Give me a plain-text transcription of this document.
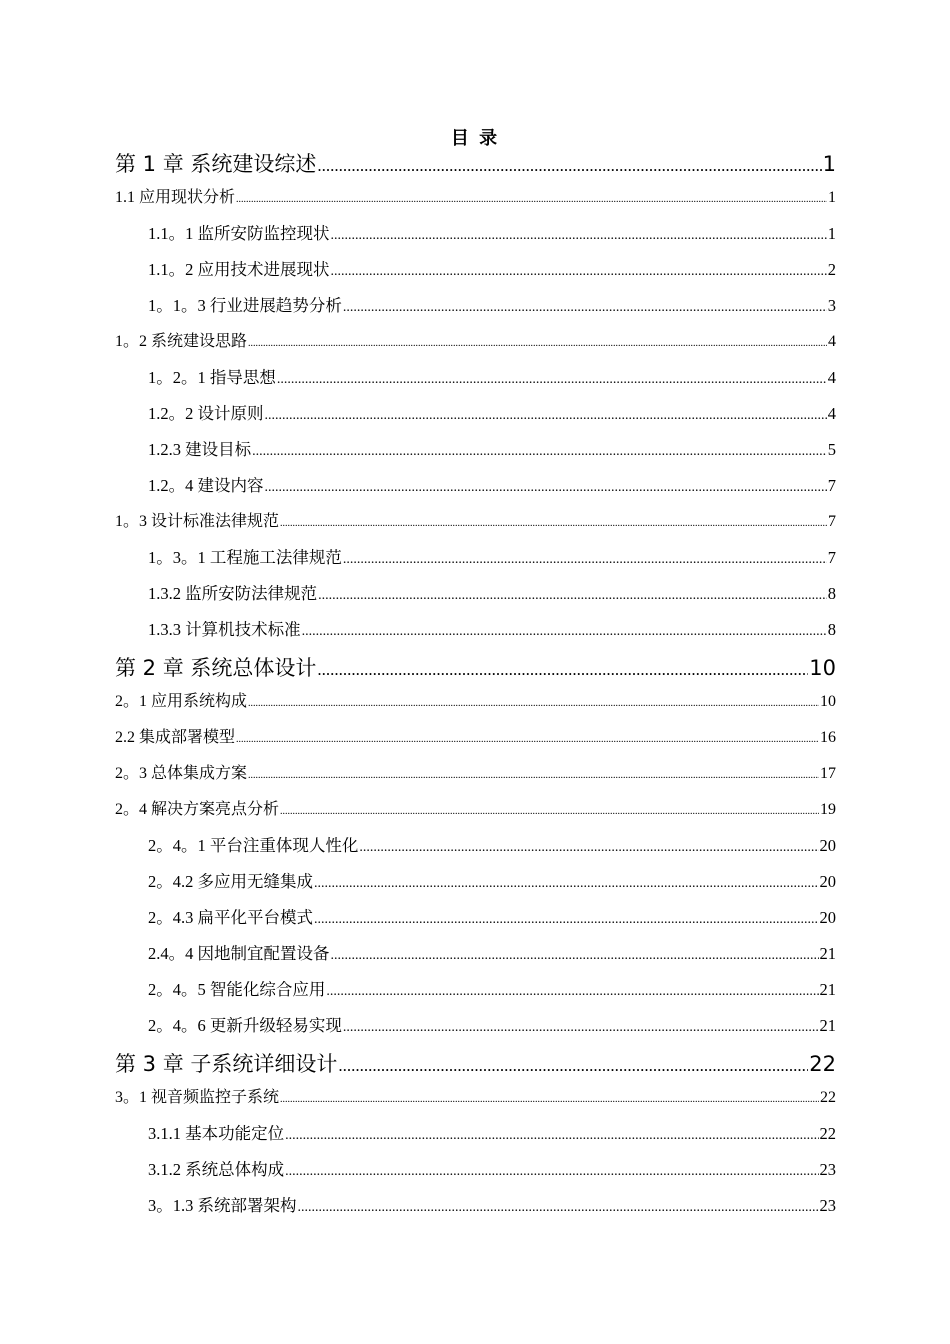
目 录
第 1 章 系统建设综述 .....	1
1.1 应用现状分析 .....	1
1.1。1 监所安防监控现状 .....	1
1.1。2 应用技术进展现状 .....	2
1。1。3 行业进展趋势分析 .....	3
1。2 系统建设思路 .....	4
1。2。1 指导思想 .....	4
1.2。2 设计原则 .....	4
1.2.3 建设目标 .....	5
1.2。4 建设内容 .....	7
1。3 设计标准法律规范 .....	7
1。3。1 工程施工法律规范 .....	7
1.3.2 监所安防法律规范 .....	8
1.3.3 计算机技术标准 .....	8
第 2 章 系统总体设计 .....	10
2。1 应用系统构成 .....	10
2.2 集成部署模型 .....	16
2。3 总体集成方案 .....	17
2。4 解决方案亮点分析 .....	19
2。4。1 平台注重体现人性化 .....	20
2。4.2 多应用无缝集成 .....	20
2。4.3 扁平化平台模式 .....	20
2.4。4 因地制宜配置设备 .....	21
2。4。5 智能化综合应用 .....	21
2。4。6 更新升级轻易实现 .....	21
第 3 章 子系统详细设计 .....	22
3。1 视音频监控子系统 .....	22
3.1.1 基本功能定位 .....	22
3.1.2 系统总体构成 .....	23
3。1.3 系统部署架构 .....	23
